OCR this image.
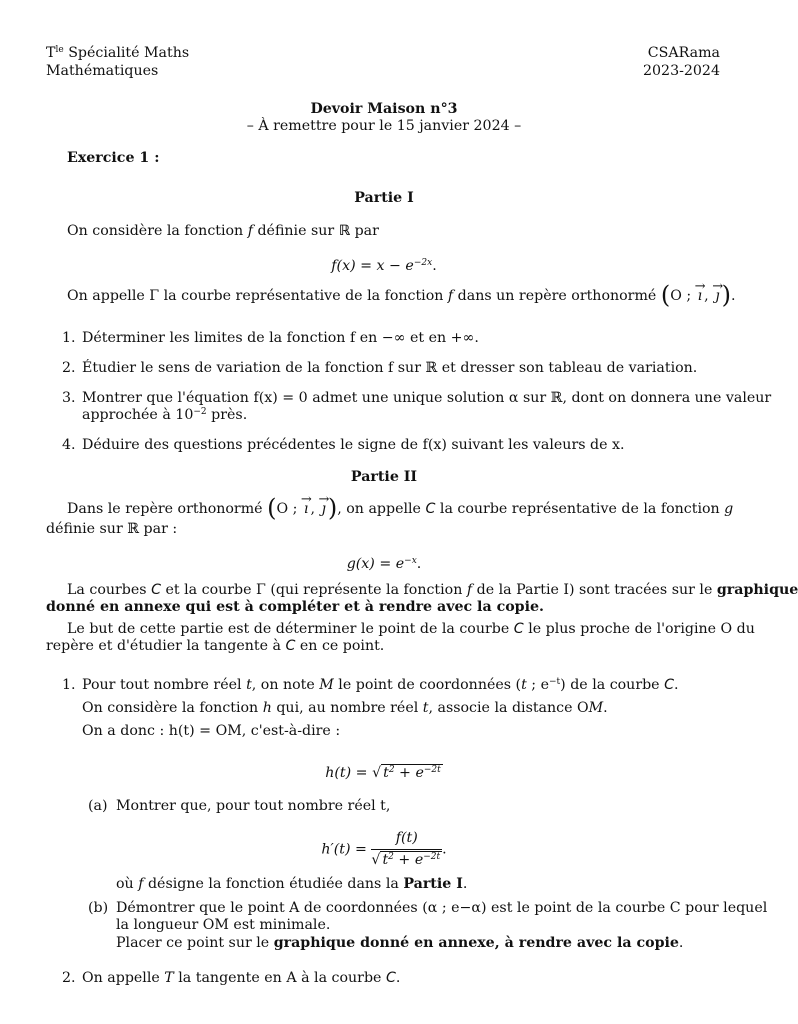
$T^{le}$ Spécialité Maths
Mathématiques
CSARama
2023-2024
Devoir Maison n°3
– À remettre pour le 15 janvier 2024 –
Exercice 1 :
Partie I
On considère la fonction f définie sur ℝ par
$f(x) = x - e^{-2x}$.
On appelle Γ la courbe représentative de la fonction f dans un repère orthonormé (O ; → ı , → ȷ).
1. Déterminer les limites de la fonction f en −∞ et en +∞.
2. Étudier le sens de variation de la fonction f sur ℝ et dresser son tableau de variation.
3. Montrer que l'équation f(x) = 0 admet une unique solution α sur ℝ, dont on donnera une valeur
approchée à $10^{-2}$ près.
4. Déduire des questions précédentes le signe de f(x) suivant les valeurs de x.
Partie II
Dans le repère orthonormé (O ; → ı , → ȷ), on appelle C la courbe représentative de la fonction g
définie sur ℝ par :
$g(x) = e^{-x}$.
La courbes C et la courbe Γ (qui représente la fonction f de la Partie I) sont tracées sur le graphique
donné en annexe qui est à compléter et à rendre avec la copie.
Le but de cette partie est de déterminer le point de la courbe C le plus proche de l'origine O du
repère et d'étudier la tangente à C en ce point.
1. Pour tout nombre réel t, on note M le point de coordonnées (t ; $e^{-t}$) de la courbe C.
On considère la fonction h qui, au nombre réel t, associe la distance OM.
On a donc : h(t) = OM, c'est-à-dire :
h(t) = √ $t^2 + e^{-2t}$
(a) Montrer que, pour tout nombre réel t,
$h'(t) = \frac{f(t)}{√ t^2 + e^{-2t}}$ .
où f désigne la fonction étudiée dans la Partie I.
(b) Démontrer que le point A de coordonnées (α ; e−α) est le point de la courbe C pour lequel
la longueur OM est minimale.
Placer ce point sur le graphique donné en annexe, à rendre avec la copie.
2. On appelle T la tangente en A à la courbe C.
